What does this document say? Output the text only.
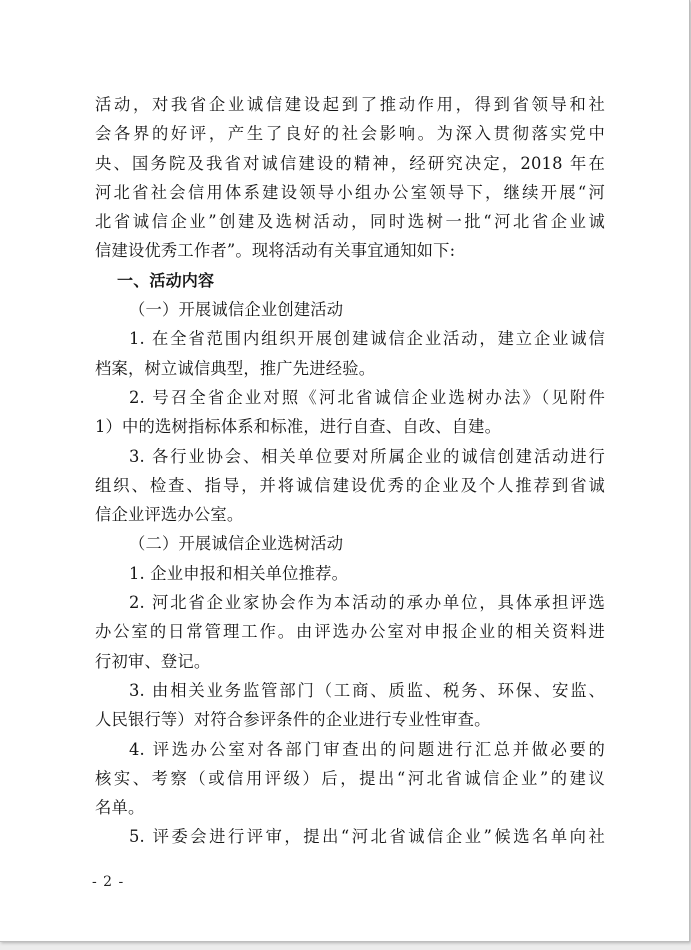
活动，对我省企业诚信建设起到了推动作用，得到省领导和社
会各界的好评，产生了良好的社会影响。为深入贯彻落实党中
央、国务院及我省对诚信建设的精神，经研究决定，2018 年在
河北省社会信用体系建设领导小组办公室领导下，继续开展“河
北省诚信企业”创建及选树活动，同时选树一批“河北省企业诚
信建设优秀工作者”。现将活动有关事宜通知如下:
一、活动内容
（一）开展诚信企业创建活动
1. 在全省范围内组织开展创建诚信企业活动，建立企业诚信
档案，树立诚信典型，推广先进经验。
2. 号召全省企业对照《河北省诚信企业选树办法》（见附件
1）中的选树指标体系和标准，进行自查、自改、自建。
3. 各行业协会、相关单位要对所属企业的诚信创建活动进行
组织、检查、指导，并将诚信建设优秀的企业及个人推荐到省诚
信企业评选办公室。
（二）开展诚信企业选树活动
1. 企业申报和相关单位推荐。
2. 河北省企业家协会作为本活动的承办单位，具体承担评选
办公室的日常管理工作。由评选办公室对申报企业的相关资料进
行初审、登记。
3. 由相关业务监管部门（工商、质监、税务、环保、安监、
人民银行等）对符合参评条件的企业进行专业性审查。
4. 评选办公室对各部门审查出的问题进行汇总并做必要的
核实、考察（或信用评级）后，提出“河北省诚信企业”的建议
名单。
5. 评委会进行评审，提出“河北省诚信企业”候选名单向社
- 2 -
